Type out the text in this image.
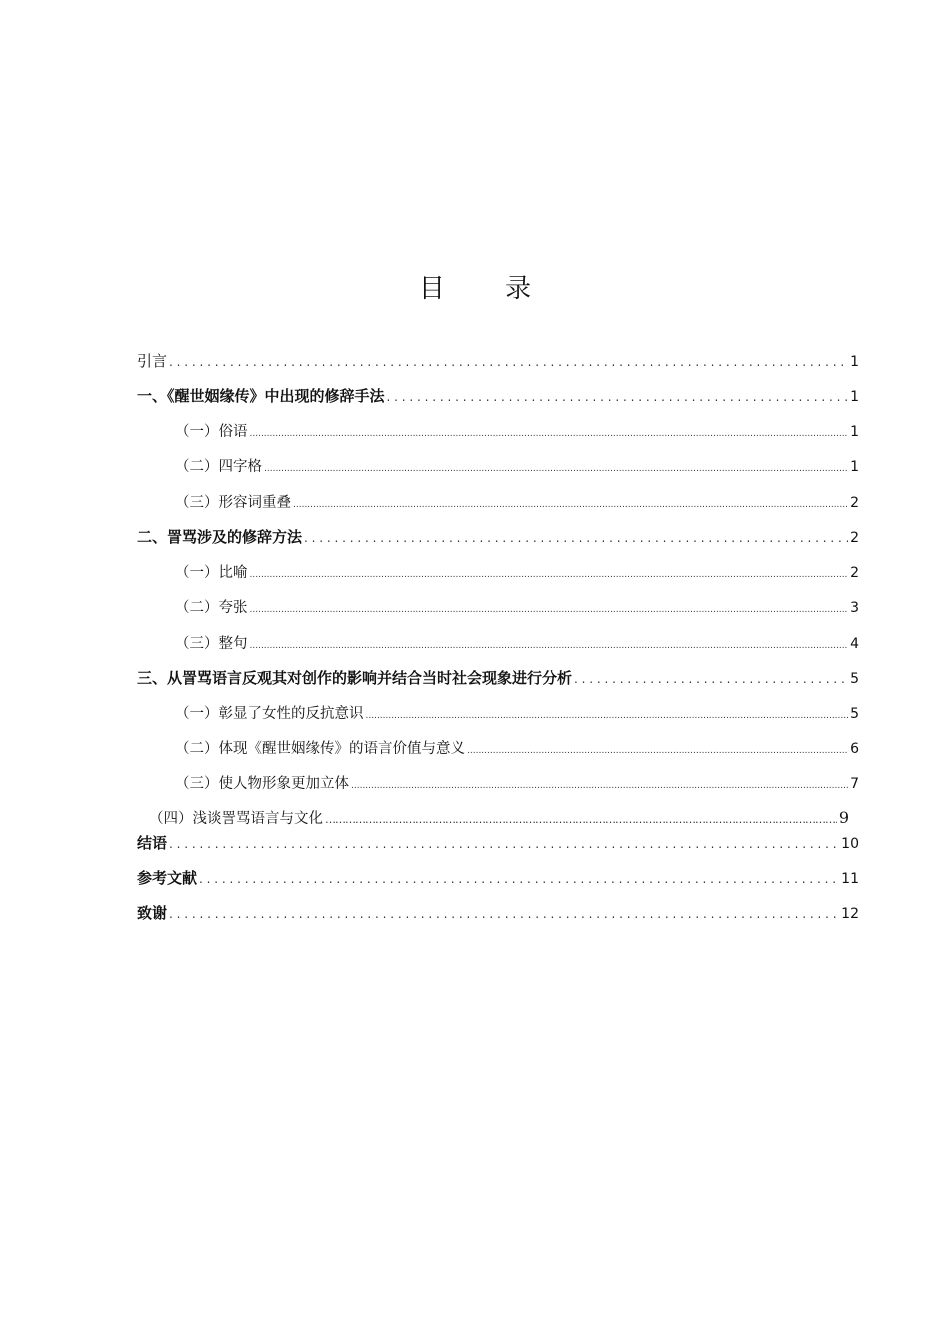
目 录
引言 . . .	1
一、《醒世姻缘传》中出现的修辞手法 . . .	1
（一）俗语 .....	1
（二）四字格 .....	1
（三）形容词重叠 .....	2
二、詈骂涉及的修辞方法 . . .	2
（一）比喻 .....	2
（二）夸张 .....	3
（三）整句 .....	4
三、从詈骂语言反观其对创作的影响并结合当时社会现象进行分析 . . .	5
（一）彰显了女性的反抗意识 .....	5
（二）体现《醒世姻缘传》的语言价值与意义 .....	6
（三）使人物形象更加立体 .....	7
（四）浅谈詈骂语言与文化 ……………………………………………………………………………………………………………………………………………………	9
结语 . . .	10
参考文献 . . .	11
致谢 . . .	12
